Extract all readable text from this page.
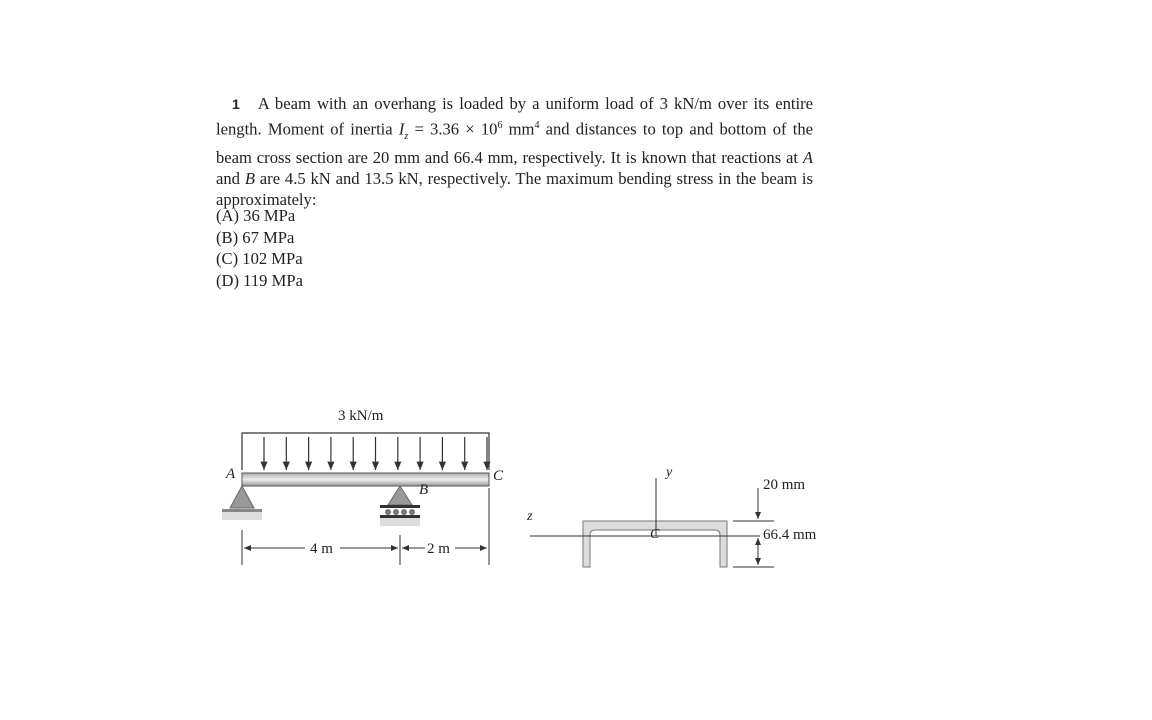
1 A beam with an overhang is loaded by a uniform load of 3 kN/m over its entire length. Moment of inertia $I_z = 3.36 \times 10^6$ $mm^4$ and distances to top and bottom of the beam cross section are 20 mm and 66.4 mm, respectively. It is known that reactions at A and B are 4.5 kN and 13.5 kN, respectively. The maximum bending stress in the beam is approximately:
(A) 36 MPa
(B) 67 MPa
(C) 102 MPa
(D) 119 MPa
3 kN/m
A	C
B
4 m	2 m
z
y
C
20 mm
66.4 mm
